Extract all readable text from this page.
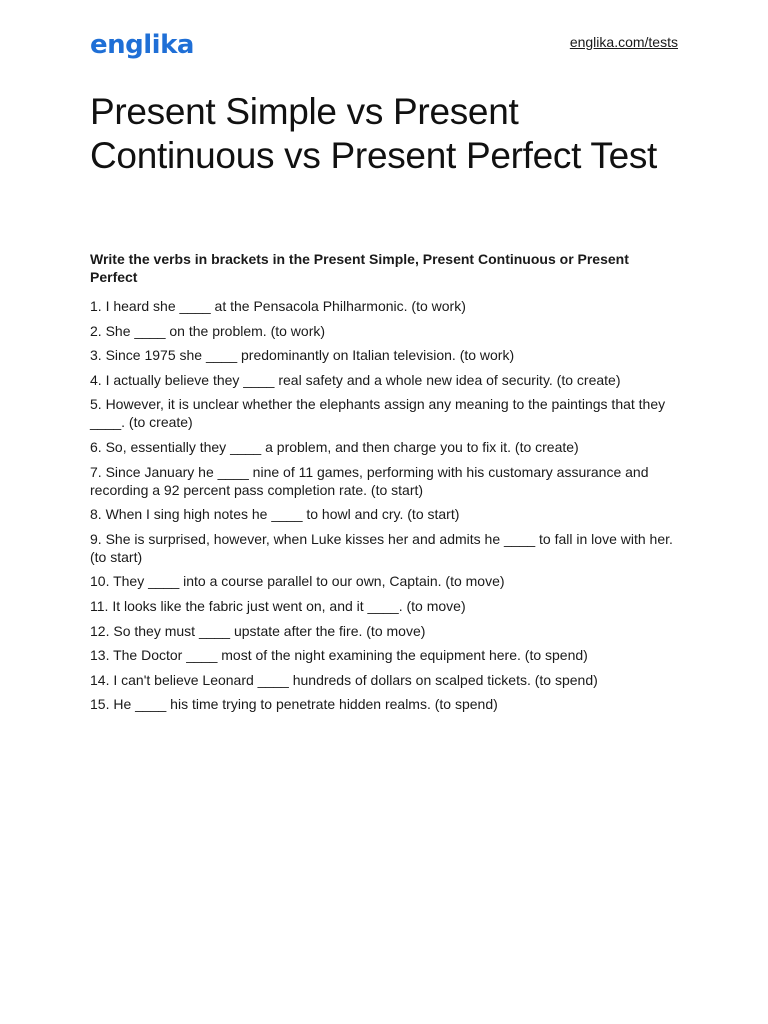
englika	englika.com/tests
Present Simple vs Present Continuous vs Present Perfect Test

Write the verbs in brackets in the Present Simple, Present Continuous or Present Perfect

1. I heard she ____ at the Pensacola Philharmonic. (to work)
2. She ____ on the problem. (to work)
3. Since 1975 she ____ predominantly on Italian television. (to work)
4. I actually believe they ____ real safety and a whole new idea of security. (to create)
5. However, it is unclear whether the elephants assign any meaning to the paintings that they ____. (to create)
6. So, essentially they ____ a problem, and then charge you to fix it. (to create)
7. Since January he ____ nine of 11 games, performing with his customary assurance and recording a 92 percent pass completion rate. (to start)
8. When I sing high notes he ____ to howl and cry. (to start)
9. She is surprised, however, when Luke kisses her and admits he ____ to fall in love with her. (to start)
10. They ____ into a course parallel to our own, Captain. (to move)
11. It looks like the fabric just went on, and it ____. (to move)
12. So they must ____ upstate after the fire. (to move)
13. The Doctor ____ most of the night examining the equipment here. (to spend)
14. I can't believe Leonard ____ hundreds of dollars on scalped tickets. (to spend)
15. He ____ his time trying to penetrate hidden realms. (to spend)
